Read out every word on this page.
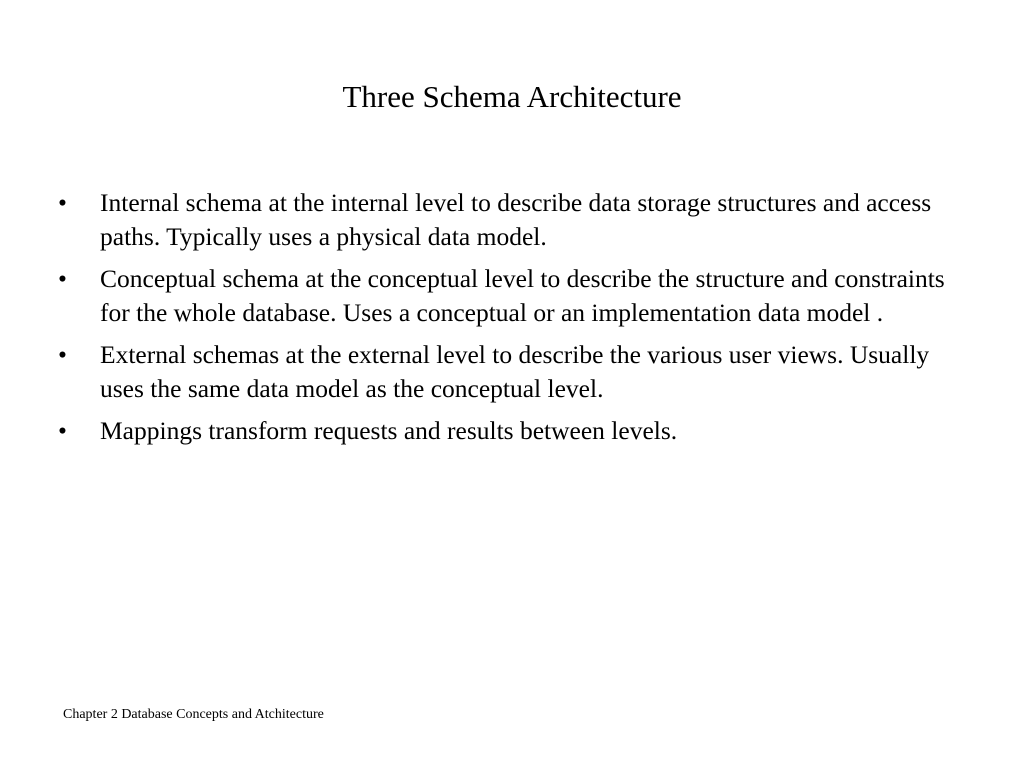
Three Schema Architecture
•	Internal schema at the internal level to describe data storage structures and access paths. Typically uses a physical data model.
•	Conceptual schema at the conceptual level to describe the structure and constraints for the whole database. Uses a conceptual or an implementation data model .
•	External schemas at the external level to describe the various user views. Usually uses the same data model as the conceptual level.
•	Mappings transform requests and results between levels.
Chapter 2 Database Concepts and Atchitecture
